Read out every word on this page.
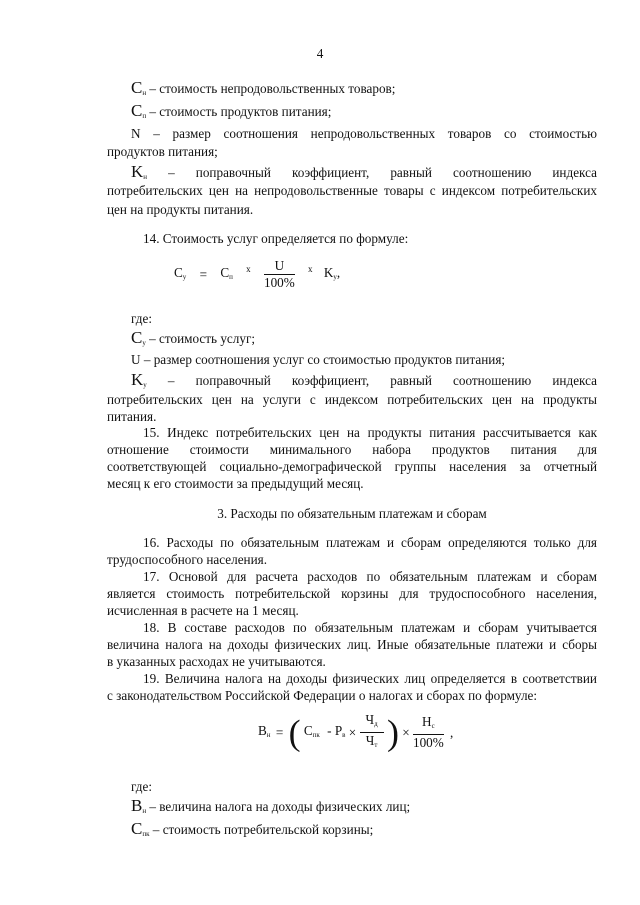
4
$C_н$ – стоимость непродовольственных товаров;
$C_п$ – стоимость продуктов питания;
N – размер соотношения непродовольственных товаров со стоимостью
продуктов питания;
$K_н$ – поправочный коэффициент, равный соотношению индекса
потребительских цен на непродовольственные товары с индексом потребительских
цен на продукты питания.
14. Стоимость услуг определяется по формуле:
$C_у = C_п$ $^x \frac{U}{100\%} ^x$ $K_у$,
где:
$C_у$ – стоимость услуг;
U – размер соотношения услуг со стоимостью продуктов питания;
$K_у$ – поправочный коэффициент, равный соотношению индекса
потребительских цен на услуги с индексом потребительских цен на продукты
питания.
15. Индекс потребительских цен на продукты питания рассчитывается как
отношение стоимости минимального набора продуктов питания для
соответствующей социально-демографической группы населения за отчетный
месяц к его стоимости за предыдущий месяц.
3. Расходы по обязательным платежам и сборам
16. Расходы по обязательным платежам и сборам определяются только для
трудоспособного населения.
17. Основой для расчета расходов по обязательным платежам и сборам
является стоимость потребительской корзины для трудоспособного населения,
исчисленная в расчете на 1 месяц.
18. В составе расходов по обязательным платежам и сборам учитывается
величина налога на доходы физических лиц. Иные обязательные платежи и сборы
в указанных расходах не учитываются.
19. Величина налога на доходы физических лиц определяется в соответствии
с законодательством Российской Федерации о налогах и сборах по формуле:
$B_н$ = ( $C_{пк} - P_в \times \frac{Ч_д}{Ч_т}$ ) × $\frac{H_с}{100\%}$ ,
где:
$B_н$ – величина налога на доходы физических лиц;
$C_{пк}$ – стоимость потребительской корзины;
